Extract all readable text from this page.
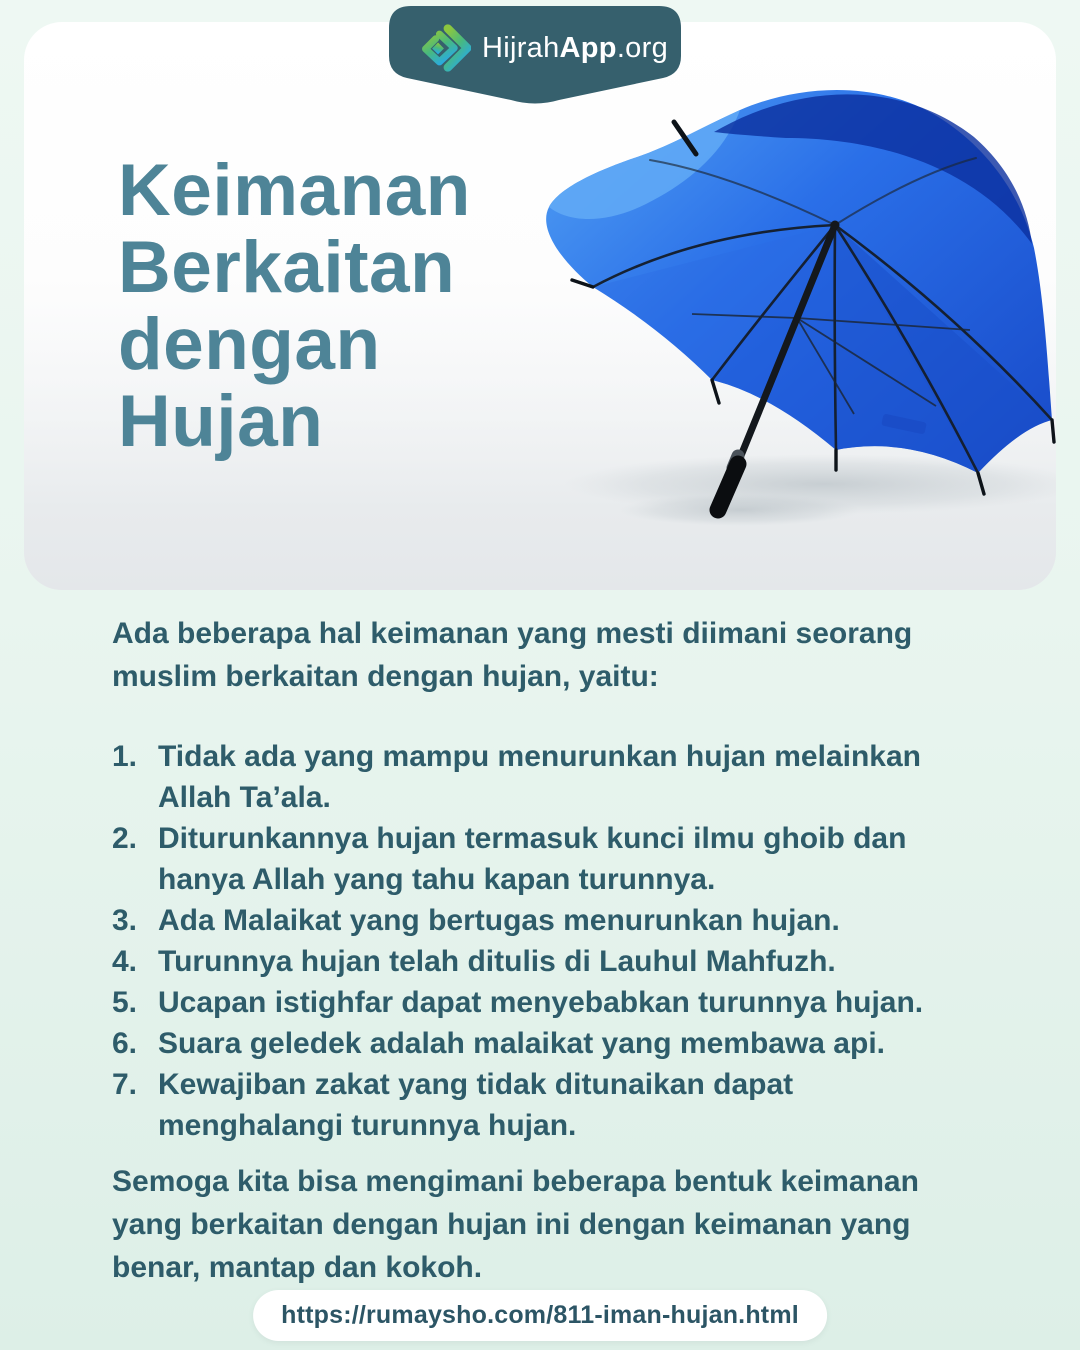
Keimanan
Berkaitan
dengan
Hujan
HijrahApp.org

Ada beberapa hal keimanan yang mesti diimani seorang muslim berkaitan dengan hujan, yaitu:

1. Tidak ada yang mampu menurunkan hujan melainkan Allah Ta’ala.
2. Diturunkannya hujan termasuk kunci ilmu ghoib dan hanya Allah yang tahu kapan turunnya.
3. Ada Malaikat yang bertugas menurunkan hujan.
4. Turunnya hujan telah ditulis di Lauhul Mahfuzh.
5. Ucapan istighfar dapat menyebabkan turunnya hujan.
6. Suara geledek adalah malaikat yang membawa api.
7. Kewajiban zakat yang tidak ditunaikan dapat menghalangi turunnya hujan.

Semoga kita bisa mengimani beberapa bentuk keimanan yang berkaitan dengan hujan ini dengan keimanan yang benar, mantap dan kokoh.

https://rumaysho.com/811-iman-hujan.html
